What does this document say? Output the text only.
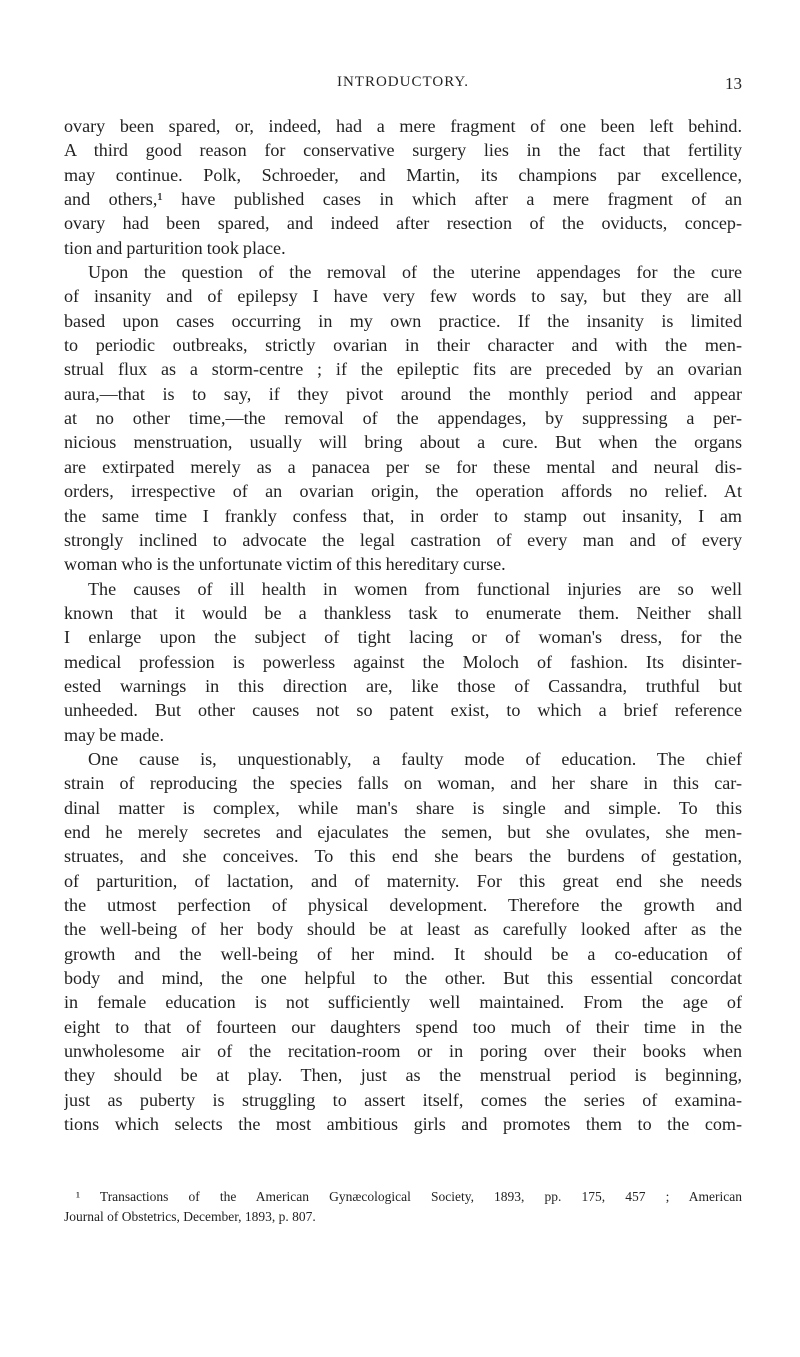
INTRODUCTORY.	13
ovary been spared, or, indeed, had a mere fragment of one been left behind.
A third good reason for conservative surgery lies in the fact that fertility
may continue. Polk, Schroeder, and Martin, its champions par excellence,
and others,¹ have published cases in which after a mere fragment of an
ovary had been spared, and indeed after resection of the oviducts, concep-
tion and parturition took place.
Upon the question of the removal of the uterine appendages for the cure
of insanity and of epilepsy I have very few words to say, but they are all
based upon cases occurring in my own practice. If the insanity is limited
to periodic outbreaks, strictly ovarian in their character and with the men-
strual flux as a storm-centre ; if the epileptic fits are preceded by an ovarian
aura,—that is to say, if they pivot around the monthly period and appear
at no other time,—the removal of the appendages, by suppressing a per-
nicious menstruation, usually will bring about a cure. But when the organs
are extirpated merely as a panacea per se for these mental and neural dis-
orders, irrespective of an ovarian origin, the operation affords no relief. At
the same time I frankly confess that, in order to stamp out insanity, I am
strongly inclined to advocate the legal castration of every man and of every
woman who is the unfortunate victim of this hereditary curse.
The causes of ill health in women from functional injuries are so well
known that it would be a thankless task to enumerate them. Neither shall
I enlarge upon the subject of tight lacing or of woman's dress, for the
medical profession is powerless against the Moloch of fashion. Its disinter-
ested warnings in this direction are, like those of Cassandra, truthful but
unheeded. But other causes not so patent exist, to which a brief reference
may be made.
One cause is, unquestionably, a faulty mode of education. The chief
strain of reproducing the species falls on woman, and her share in this car-
dinal matter is complex, while man's share is single and simple. To this
end he merely secretes and ejaculates the semen, but she ovulates, she men-
struates, and she conceives. To this end she bears the burdens of gestation,
of parturition, of lactation, and of maternity. For this great end she needs
the utmost perfection of physical development. Therefore the growth and
the well-being of her body should be at least as carefully looked after as the
growth and the well-being of her mind. It should be a co-education of
body and mind, the one helpful to the other. But this essential concordat
in female education is not sufficiently well maintained. From the age of
eight to that of fourteen our daughters spend too much of their time in the
unwholesome air of the recitation-room or in poring over their books when
they should be at play. Then, just as the menstrual period is beginning,
just as puberty is struggling to assert itself, comes the series of examina-
tions which selects the most ambitious girls and promotes them to the com-
¹ Transactions of the American Gynæcological Society, 1893, pp. 175, 457 ; American
Journal of Obstetrics, December, 1893, p. 807.
